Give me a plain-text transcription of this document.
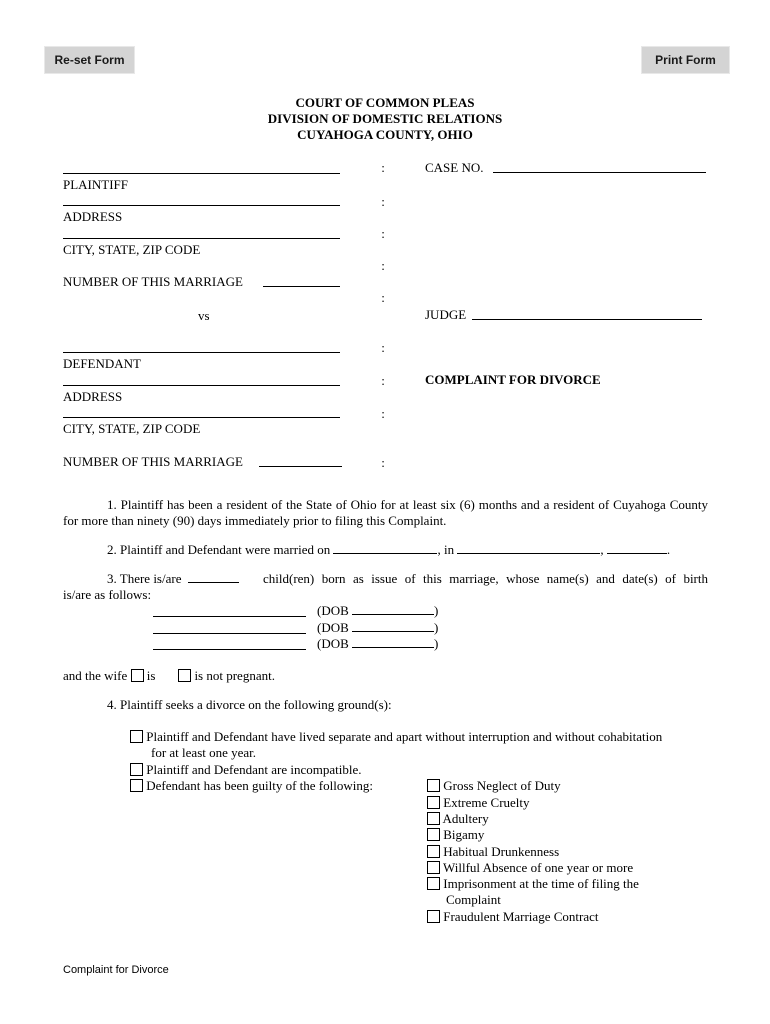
Re-set Form	Print Form
COURT OF COMMON PLEAS
DIVISION OF DOMESTIC RELATIONS
CUYAHOGA COUNTY, OHIO
PLAINTIFF
ADDRESS
CITY, STATE, ZIP CODE
NUMBER OF THIS MARRIAGE
vs
DEFENDANT
ADDRESS
CITY, STATE, ZIP CODE
NUMBER OF THIS MARRIAGE
:
:
:
:
:
:
:
:
:
CASE NO.
JUDGE
COMPLAINT FOR DIVORCE
1. Plaintiff has been a resident of the State of Ohio for at least six (6) months and a resident of Cuyahoga County for more than ninety (90) days immediately prior to filing this Complaint.
2. Plaintiff and Defendant were married on	, in	,	.
3. There is/are	child(ren) born as issue of this marriage, whose name(s) and date(s) of birth
is/are as follows:
(DOB	)
(DOB	)
(DOB	)
and the wife is	is not pregnant.
4. Plaintiff seeks a divorce on the following ground(s):
Plaintiff and Defendant have lived separate and apart without interruption and without cohabitation
for at least one year.
Plaintiff and Defendant are incompatible.
Defendant has been guilty of the following:	Gross Neglect of Duty
Extreme Cruelty
Adultery
Bigamy
Habitual Drunkenness
Willful Absence of one year or more
Imprisonment at the time of filing the
Complaint
Fraudulent Marriage Contract
Complaint for Divorce
